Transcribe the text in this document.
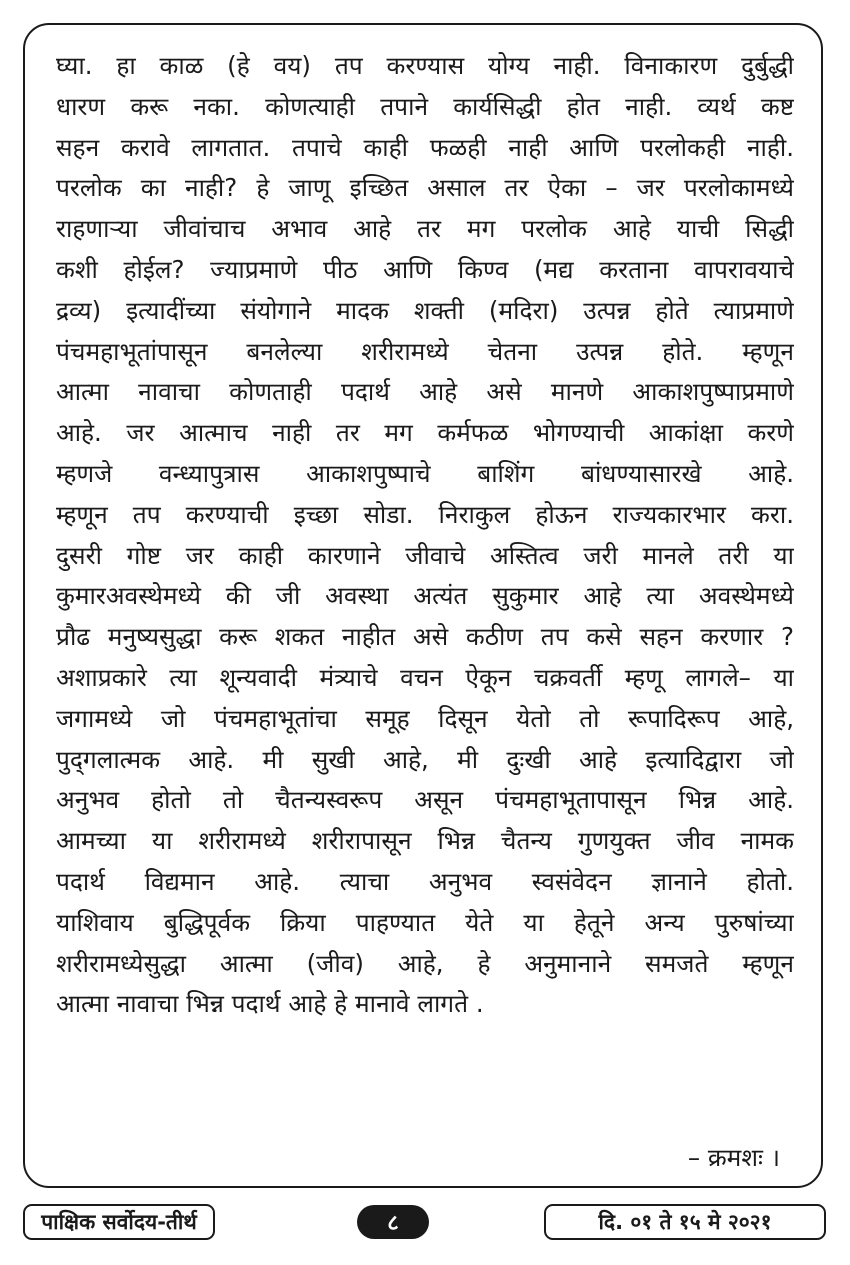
घ्या. हा काळ (हे वय) तप करण्यास योग्य नाही. विनाकारण दुर्बुद्धी
धारण करू नका. कोणत्याही तपाने कार्यसिद्धी होत नाही. व्यर्थ कष्ट
सहन करावे लागतात. तपाचे काही फळही नाही आणि परलोकही नाही.
परलोक का नाही? हे जाणू इच्छित असाल तर ऐका – जर परलोकामध्ये
राहणाऱ्या जीवांचाच अभाव आहे तर मग परलोक आहे याची सिद्धी
कशी होईल? ज्याप्रमाणे पीठ आणि किण्व (मद्य करताना वापरावयाचे
द्रव्य) इत्यादींच्या संयोगाने मादक शक्ती (मदिरा) उत्पन्न होते त्याप्रमाणे
पंचमहाभूतांपासून बनलेल्या शरीरामध्ये चेतना उत्पन्न होते. म्हणून
आत्मा नावाचा कोणताही पदार्थ आहे असे मानणे आकाशपुष्पाप्रमाणे
आहे. जर आत्माच नाही तर मग कर्मफळ भोगण्याची आकांक्षा करणे
म्हणजे वन्ध्यापुत्रास आकाशपुष्पाचे बाशिंग बांधण्यासारखे आहे.
म्हणून तप करण्याची इच्छा सोडा. निराकुल होऊन राज्यकारभार करा.
दुसरी गोष्ट जर काही कारणाने जीवाचे अस्तित्व जरी मानले तरी या
कुमारअवस्थेमध्ये की जी अवस्था अत्यंत सुकुमार आहे त्या अवस्थेमध्ये
प्रौढ मनुष्यसुद्धा करू शकत नाहीत असे कठीण तप कसे सहन करणार ?
अशाप्रकारे त्या शून्यवादी मंत्र्याचे वचन ऐकून चक्रवर्ती म्हणू लागले– या
जगामध्ये जो पंचमहाभूतांचा समूह दिसून येतो तो रूपादिरूप आहे,
पुद्‌गलात्मक आहे. मी सुखी आहे, मी दुःखी आहे इत्यादिद्वारा जो
अनुभव होतो तो चैतन्यस्वरूप असून पंचमहाभूतापासून भिन्न आहे.
आमच्या या शरीरामध्ये शरीरापासून भिन्न चैतन्य गुणयुक्त जीव नामक
पदार्थ विद्यमान आहे. त्याचा अनुभव स्वसंवेदन ज्ञानाने होतो.
याशिवाय बुद्धिपूर्वक क्रिया पाहण्यात येते या हेतूने अन्य पुरुषांच्या
शरीरामध्येसुद्धा आत्मा (जीव) आहे, हे अनुमानाने समजते म्हणून
आत्मा नावाचा भिन्न पदार्थ आहे हे मानावे लागते .
– क्रमशः ।
पाक्षिक सर्वोदय-तीर्थ	८	दि. ०१ ते १५ मे २०२१
